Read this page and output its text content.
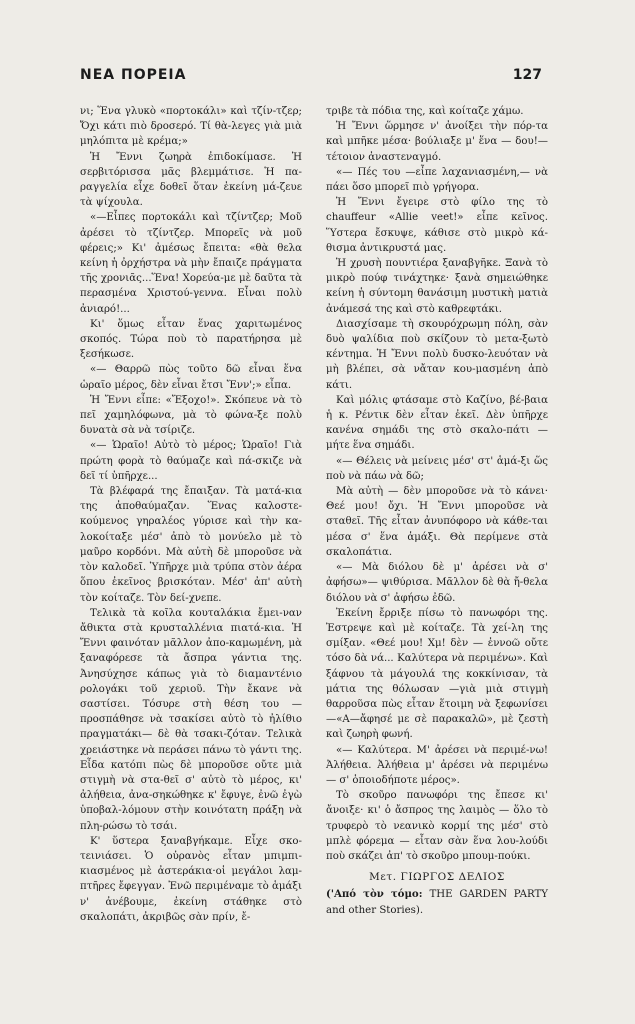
ΝΕΑ ΠΟΡΕΙΑ	127

νι; Ἕνα γλυκὸ «πορτοκάλι» καὶ τζίν-τζερ; Ὄχι κάτι πιὸ δροσερό. Τί θὰ-λεγες γιὰ μιὰ μηλόπιτα μὲ κρέμα;»

Ἡ Ἔννι ζωηρὰ ἐπιδοκίμασε. Ἡ σερβιτόρισσα μᾶς βλεμμάτισε. Ἡ πα-ραγγελία εἶχε δοθεῖ ὅταν ἐκείνη μά-ζευε τὰ ψίχουλα.

«—Εἶπες πορτοκάλι καὶ τζίντζερ; Μοῦ ἀρέσει τὸ τζίντζερ. Μπορεῖς νὰ μοῦ φέρεις;» Κι' ἀμέσως ἔπειτα: «θὰ θελα κείνη ἡ ὀρχήστρα νὰ μὴν ἔπαιζε πράγματα τῆς χρονιᾶς...Ἕνα! Χορεύα-με μὲ δαῦτα τὰ περασμένα Χριστού-γεννα. Εἶναι πολὺ ἀνιαρό!...

Κι' ὅμως εἶταν ἕνας χαριτωμένος σκοπός. Τώρα ποὺ τὸ παρατήρησα μὲ ξεσήκωσε.

«— Θαρρῶ πὼς τοῦτο δῶ εἶναι ἕνα ὡραῖο μέρος, δὲν εἶναι ἔτσι Ἔνν';» εἶπα.

Ἡ Ἔννι εἶπε: «Ἔξοχο!». Σκόπευε νὰ τὸ πεῖ χαμηλόφωνα, μὰ τὸ φώνα-ξε πολὺ δυνατὰ σὰ νὰ τσίριζε.

«— Ὡραῖο! Αὐτὸ τὸ μέρος; Ὡραῖο! Γιὰ πρώτη φορὰ τὸ θαύμαζε καὶ πά-σκιζε νὰ δεῖ τί ὑπῆρχε...

Τὰ βλέφαρά της ἔπαιξαν. Τὰ ματά-κια της ἀποθαύμαζαν. Ἕνας καλοστε-κούμενος γηραλέος γύρισε καὶ τὴν κα-λοκοίταξε μέσ' ἀπὸ τὸ μονύελο μὲ τὸ μαῦρο κορδόνι. Μὰ αὐτὴ δὲ μποροῦσε νὰ τὸν καλοδεῖ. Ὑπῆρχε μιὰ τρύπα στὸν ἀέρα ὅπου ἐκεῖνος βρισκόταν. Μέσ' ἀπ' αὐτὴ τὸν κοίταζε. Τὸν δεί-χνεπε.

Τελικὰ τὰ κοῖλα κουταλάκια ἔμει-ναν ἄθικτα στὰ κρυσταλλένια πιατά-κια. Ἡ Ἔννι φαινόταν μᾶλλον ἀπο-καμωμένη, μὰ ξαναφόρεσε τὰ ἄσπρα γάντια της. Ἀνησύχησε κάπως γιὰ τὸ διαμαντένιο ρολογάκι τοῦ χεριοῦ. Τὴν ἔκανε νὰ σαστίσει. Τόσυρε στὴ θέση του —προσπάθησε νὰ τσακίσει αὐτὸ τὸ ἠλίθιο πραγματάκι— δὲ θὰ τσακι-ζόταν. Τελικὰ χρειάστηκε νὰ περάσει πάνω τὸ γάντι της. Εἶδα κατόπι πὼς δὲ μποροῦσε οὔτε μιὰ στιγμὴ νὰ στα-θεῖ σ' αὐτὸ τὸ μέρος, κι' ἀλήθεια, ἀνα-σηκώθηκε κ' ἔφυγε, ἐνῶ ἐγὼ ὑποβαλ-λόμουν στὴν κοινότατη πράξη νὰ πλη-ρώσω τὸ τσάι.

Κ' ὕστερα ξαναβγήκαμε. Εἶχε σκο-τεινιάσει. Ὁ οὐρανὸς εἶταν μπιμπι-κιασμένος μὲ ἀστεράκια·οἱ μεγάλοι λαμ-πτῆρες ἔφεγγαν. Ἐνῶ περιμέναμε τὸ ἁμάξι ν' ἀνέβουμε, ἐκείνη στάθηκε στὸ σκαλοπάτι, ἀκριβῶς σὰν πρίν, ἔ-

τριβε τὰ πόδια της, καὶ κοίταζε χάμω.

Ἡ Ἔννι ὥρμησε ν' ἀνοίξει τὴν πόρ-τα καὶ μπῆκε μέσα· βούλιαξε μ' ἕνα — δου!— τέτοιον ἀναστεναγμό.

«— Πές του —εἶπε λαχανιασμένη,— νὰ πάει ὅσο μπορεῖ πιὸ γρήγορα.

Ἡ Ἔννι ἔγειρε στὸ φίλο της τὸ chauffeur «Allie veet!» εἶπε κεῖνος. Ὕστερα ἔσκυψε, κάθισε στὸ μικρὸ κά-θισμα ἀντικρυστά μας.

Ἡ χρυσὴ πουντιέρα ξαναβγῆκε. Ξανὰ τὸ μικρὸ πούφ τινάχτηκε· ξανὰ σημειώθηκε κείνη ἡ σύντομη θανάσιμη μυστικὴ ματιὰ ἀνάμεσά της καὶ στὸ καθρεφτάκι.

Διασχίσαμε τὴ σκουρόχρωμη πόλη, σὰν δυὸ ψαλίδια ποὺ σκίζουν τὸ μετα-ξωτὸ κέντημα. Ἡ Ἔννι πολὺ δυσκο-λευόταν νὰ μὴ βλέπει, σὰ νἄταν κου-μασμένη ἀπὸ κάτι.

Καὶ μόλις φτάσαμε στὸ Καζίνο, βέ-βαια ἡ κ. Ρέντικ δὲν εἶταν ἐκεῖ. Δὲν ὑπῆρχε κανένα σημάδι της στὸ σκαλο-πάτι — μήτε ἕνα σημάδι.

«— Θέλεις νὰ μείνεις μέσ' στ' ἁμά-ξι ὥς ποὺ νὰ πάω νὰ δῶ;

Μὰ αὐτὴ — δὲν μποροῦσε νὰ τὸ κάνει· Θεέ μου! ὄχι. Ἡ Ἔννι μποροῦσε νὰ σταθεῖ. Τῆς εἶταν ἀνυπόφορο νὰ κάθε-ται μέσα σ' ἕνα ἁμάξι. Θὰ περίμενε στὰ σκαλοπάτια.

«— Μὰ διόλου δὲ μ' ἀρέσει νὰ σ' ἀφήσω»— ψιθύρισα. Μᾶλλον δὲ θὰ ἤ-θελα διόλου νὰ σ' ἀφήσω ἐδῶ.

Ἐκείνη ἔρριξε πίσω τὸ πανωφόρι της. Ἐστρεψε καὶ μὲ κοίταζε. Τὰ χεί-λη της σμίξαν. «Θεέ μου! Χμ! δὲν — ἐννοῶ οὔτε τόσο δὰ νά... Καλύτερα νὰ περιμένω». Καὶ ξάφνου τὰ μάγουλά της κοκκίνισαν, τὰ μάτια της θόλωσαν —γιὰ μιὰ στιγμὴ θαρροῦσα πὼς εἶταν ἕτοιμη νὰ ξεφωνίσει —«Α—ἄφησέ με σὲ παρακαλῶ», μὲ ζεστὴ καὶ ζωηρὴ φωνή.

«— Καλύτερα. Μ' ἀρέσει νὰ περιμέ-νω! Ἀλήθεια. Ἀλήθεια μ' ἀρέσει νὰ περιμένω — σ' ὁποιοδήποτε μέρος».

Τὸ σκοῦρο πανωφόρι της ἔπεσε κι' ἄνοιξε· κι' ὁ ἄσπρος της λαιμὸς — ὅλο τὸ τρυφερὸ τὸ νεανικὸ κορμί της μέσ' στὸ μπλὲ φόρεμα — εἶταν σὰν ἕνα λου-λούδι ποὺ σκάζει ἀπ' τὸ σκοῦρο μπουμ-πούκι.

Μετ. ΓΙΩΡΓΟΣ ΔΕΛΙΟΣ
('Από τὸν τόμο: THE GARDEN PARTY and other Stories).
